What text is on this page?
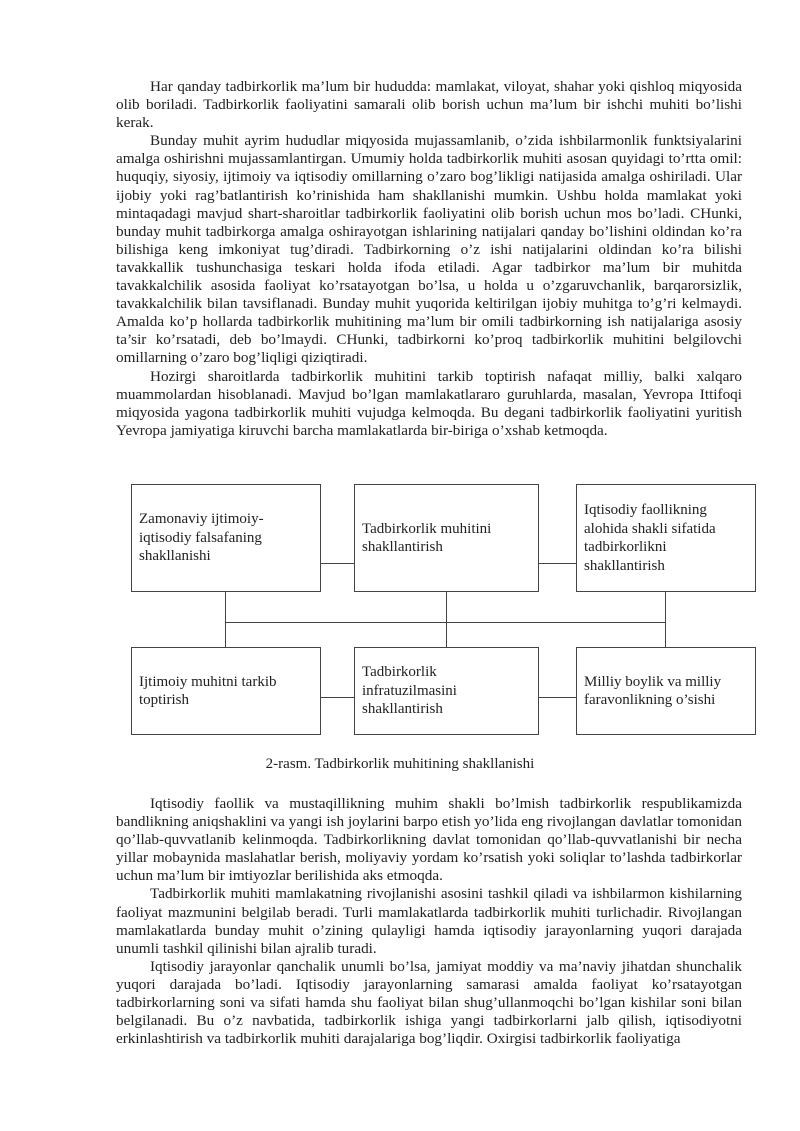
Har qanday tadbirkorlik ma’lum bir hududda: mamlakat, viloyat, shahar yoki qishloq miqyosida olib boriladi. Tadbirkorlik faoliyatini samarali olib borish uchun ma’lum bir ishchi muhiti bo’lishi kerak.

Bunday muhit ayrim hududlar miqyosida mujassamlanib, o’zida ishbilarmonlik funktsiyalarini amalga oshirishni mujassamlantirgan. Umumiy holda tadbirkorlik muhiti asosan quyidagi to’rtta omil: huquqiy, siyosiy, ijtimoiy va iqtisodiy omillarning o’zaro bog’likligi natijasida amalga oshiriladi. Ular ijobiy yoki rag’batlantirish ko’rinishida ham shakllanishi mumkin. Ushbu holda mamlakat yoki mintaqadagi mavjud shart-sharoitlar tadbirkorlik faoliyatini olib borish uchun mos bo’ladi. CHunki, bunday muhit tadbirkorga amalga oshirayotgan ishlarining natijalari qanday bo’lishini oldindan ko’ra bilishiga keng imkoniyat tug’diradi. Tadbirkorning o’z ishi natijalarini oldindan ko’ra bilishi tavakkallik tushunchasiga teskari holda ifoda etiladi. Agar tadbirkor ma’lum bir muhitda tavakkalchilik asosida faoliyat ko’rsatayotgan bo’lsa, u holda u o’zgaruvchanlik, barqarorsizlik, tavakkalchilik bilan tavsiflanadi. Bunday muhit yuqorida keltirilgan ijobiy muhitga to’g’ri kelmaydi. Amalda ko’p hollarda tadbirkorlik muhitining ma’lum bir omili tadbirkorning ish natijalariga asosiy ta’sir ko’rsatadi, deb bo’lmaydi. CHunki, tadbirkorni ko’proq tadbirkorlik muhitini belgilovchi omillarning o’zaro bog’liqligi qiziqtiradi.

Hozirgi sharoitlarda tadbirkorlik muhitini tarkib toptirish nafaqat milliy, balki xalqaro muammolardan hisoblanadi. Mavjud bo’lgan mamlakatlararo guruhlarda, masalan, Yevropa Ittifoqi miqyosida yagona tadbirkorlik muhiti vujudga kelmoqda. Bu degani tadbirkorlik faoliyatini yuritish Yevropa jamiyatiga kiruvchi barcha mamlakatlarda bir-biriga o’xshab ketmoqda.

Zamonaviy ijtimoiy-iqtisodiy falsafaning shakllanishi
Tadbirkorlik muhitini shakllantirish
Iqtisodiy faollikning alohida shakli sifatida tadbirkorlikni shakllantirish
Ijtimoiy muhitni tarkib toptirish
Tadbirkorlik infratuzilmasini shakllantirish
Milliy boylik va milliy faravonlikning o’sishi
2-rasm. Tadbirkorlik muhitining shakllanishi

Iqtisodiy faollik va mustaqillikning muhim shakli bo’lmish tadbirkorlik respublikamizda bandlikning aniqshaklini va yangi ish joylarini barpo etish yo’lida eng rivojlangan davlatlar tomonidan qo’llab-quvvatlanib kelinmoqda. Tadbirkorlikning davlat tomonidan qo’llab-quvvatlanishi bir necha yillar mobaynida maslahatlar berish, moliyaviy yordam ko’rsatish yoki soliqlar to’lashda tadbirkorlar uchun ma’lum bir imtiyozlar berilishida aks etmoqda.

Tadbirkorlik muhiti mamlakatning rivojlanishi asosini tashkil qiladi va ishbilarmon kishilarning faoliyat mazmunini belgilab beradi. Turli mamlakatlarda tadbirkorlik muhiti turlichadir. Rivojlangan mamlakatlarda bunday muhit o’zining qulayligi hamda iqtisodiy jarayonlarning yuqori darajada unumli tashkil qilinishi bilan ajralib turadi.

Iqtisodiy jarayonlar qanchalik unumli bo’lsa, jamiyat moddiy va ma’naviy jihatdan shunchalik yuqori darajada bo’ladi. Iqtisodiy jarayonlarning samarasi amalda faoliyat ko’rsatayotgan tadbirkorlarning soni va sifati hamda shu faoliyat bilan shug’ullanmoqchi bo’lgan kishilar soni bilan belgilanadi. Bu o’z navbatida, tadbirkorlik ishiga yangi tadbirkorlarni jalb qilish, iqtisodiyotni erkinlashtirish va tadbirkorlik muhiti darajalariga bog’liqdir. Oxirgisi tadbirkorlik faoliyatiga
